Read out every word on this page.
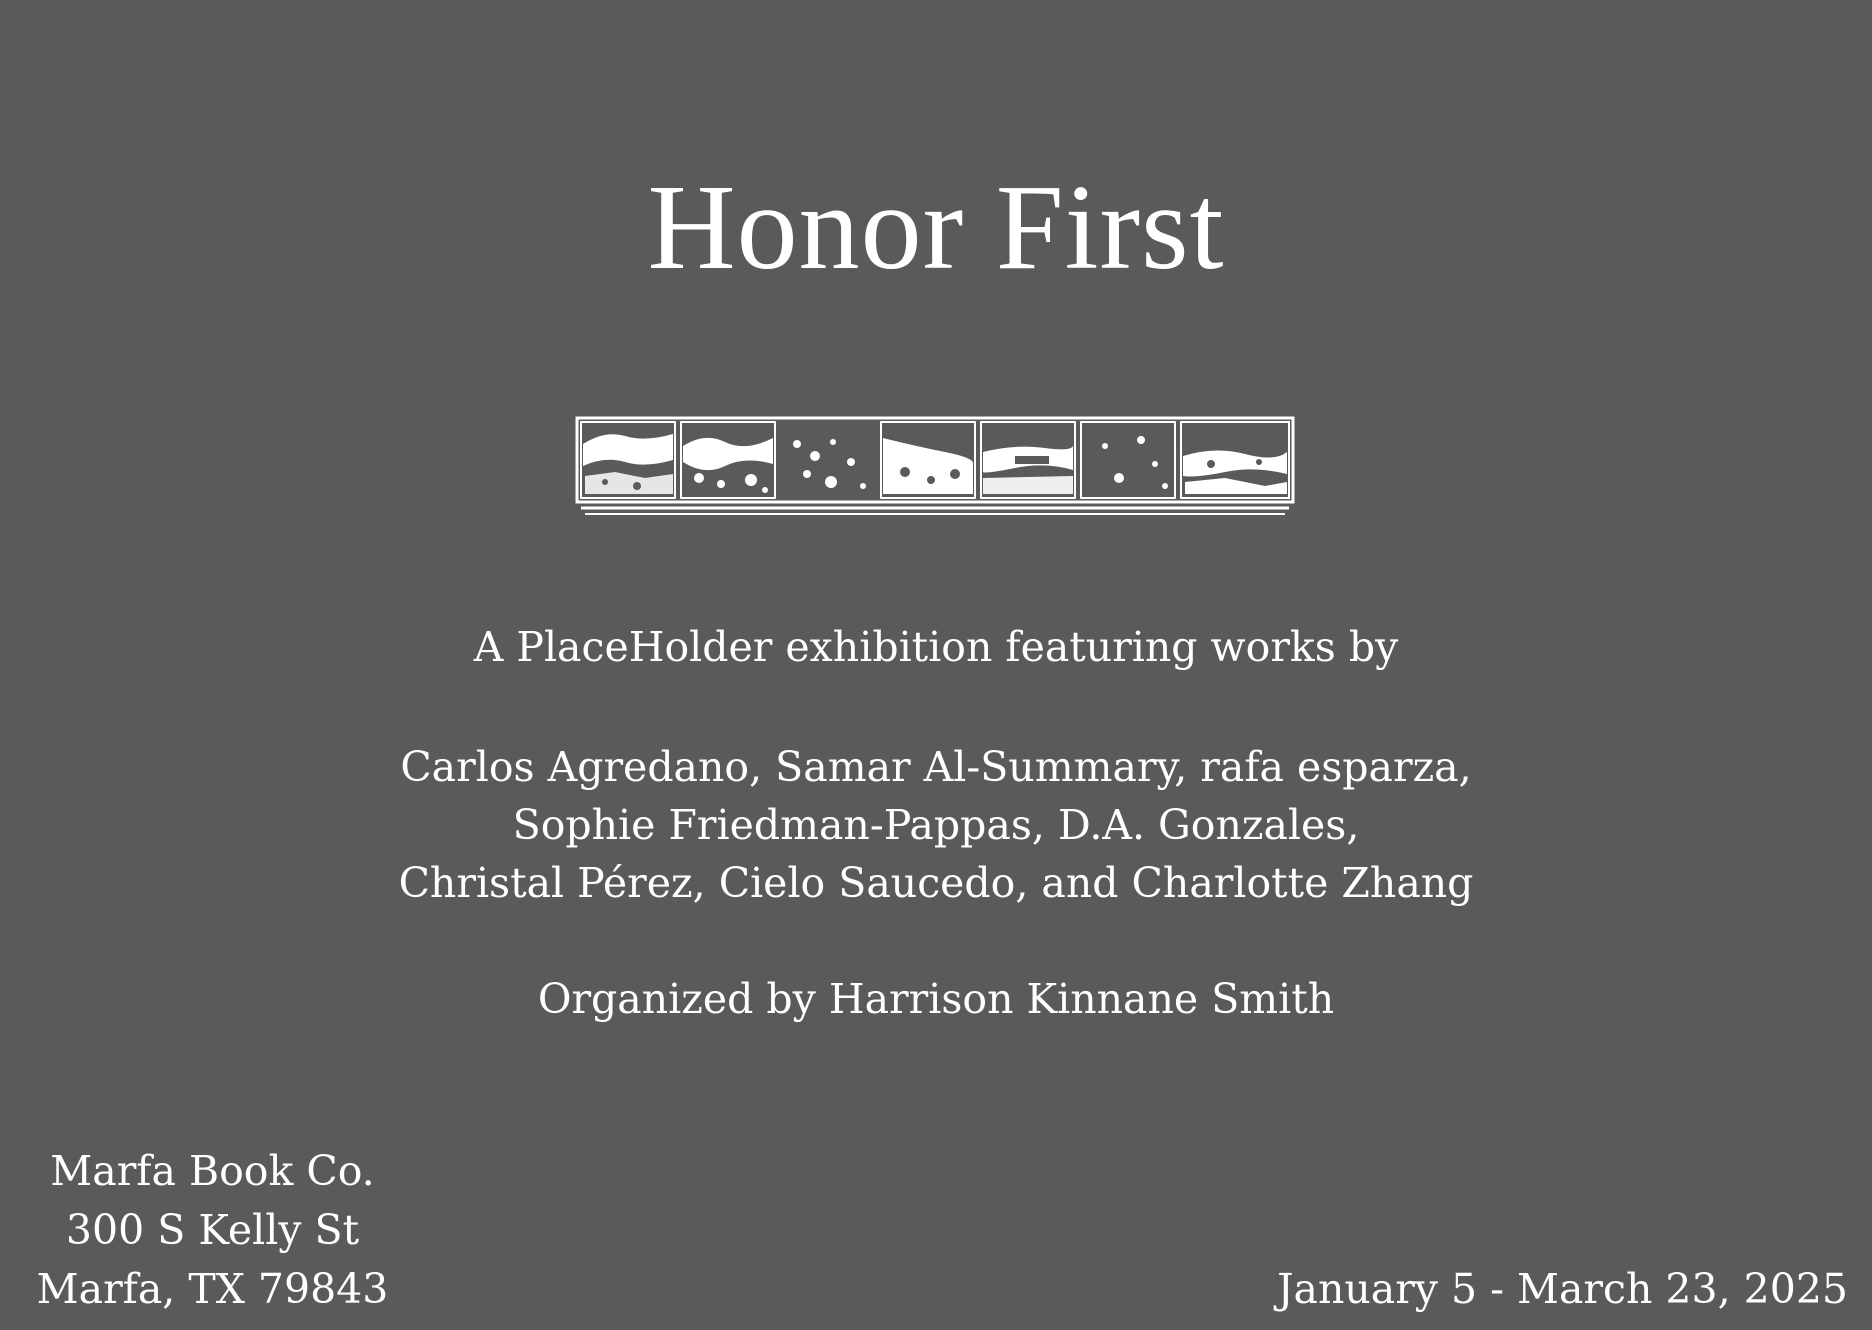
Honor First
A PlaceHolder exhibition featuring works by
Carlos Agredano, Samar Al-Summary, rafa esparza,
Sophie Friedman-Pappas, D.A. Gonzales,
Christal Pérez, Cielo Saucedo, and Charlotte Zhang
Organized by Harrison Kinnane Smith
Marfa Book Co.
300 S Kelly St
Marfa, TX 79843	January 5 - March 23, 2025
